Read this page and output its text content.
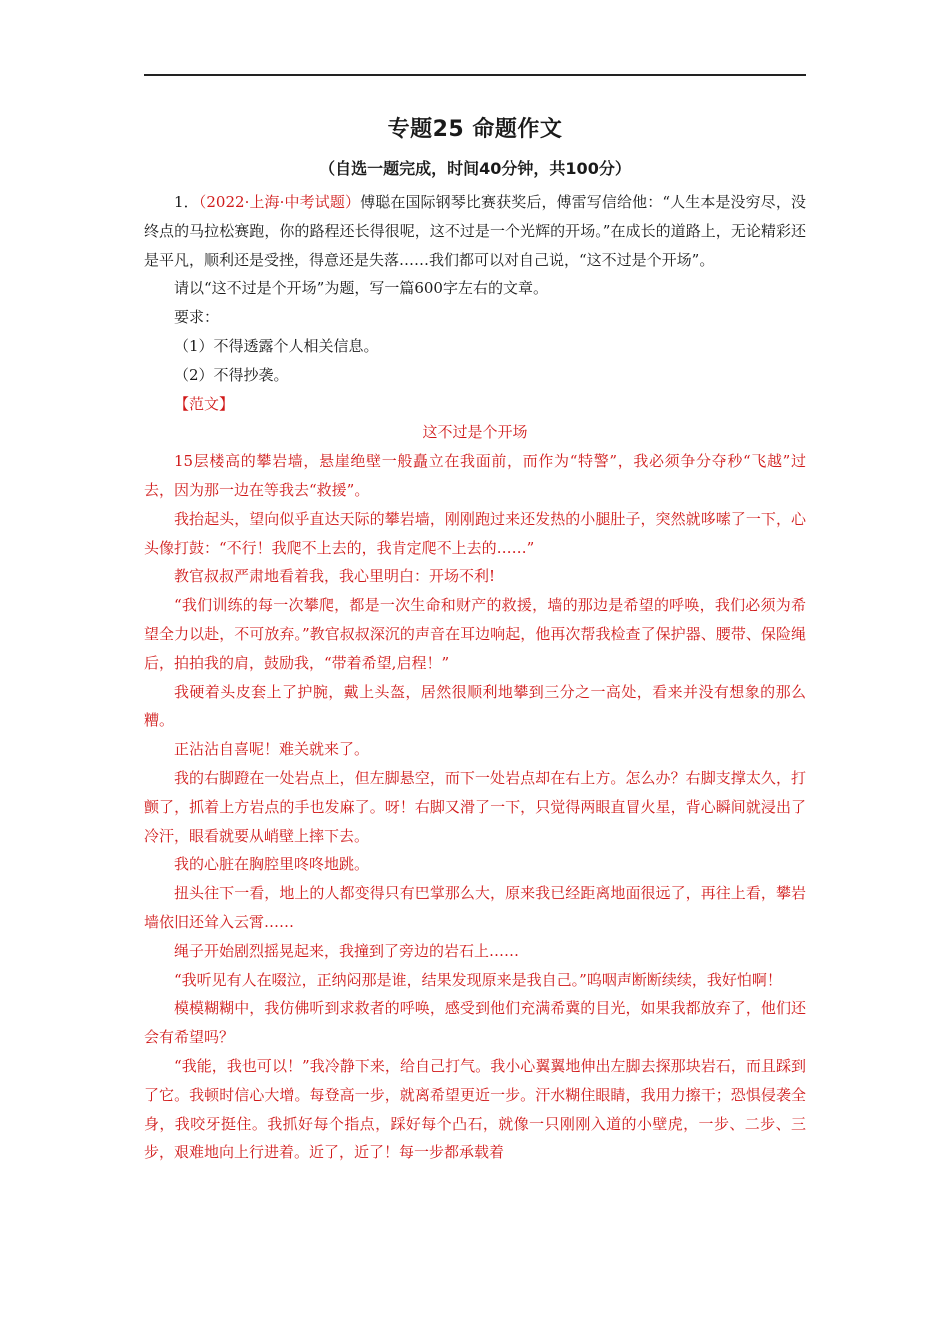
专题25 命题作文
（自选一题完成，时间40分钟，共100分）

1．（2022·上海·中考试题）傅聪在国际钢琴比赛获奖后，傅雷写信给他：“人生本是没穷尽，没终点的马拉松赛跑，你的路程还长得很呢，这不过是一个光辉的开场。”在成长的道路上，无论精彩还是平凡，顺利还是受挫，得意还是失落……我们都可以对自己说，“这不过是个开场”。

请以“这不过是个开场”为题，写一篇600字左右的文章。

要求：

（1）不得透露个人相关信息。

（2）不得抄袭。

【范文】

这不过是个开场

15层楼高的攀岩墙，悬崖绝壁一般矗立在我面前，而作为“特警”，我必须争分夺秒“飞越”过去，因为那一边在等我去“救援”。

我抬起头，望向似乎直达天际的攀岩墙，刚刚跑过来还发热的小腿肚子，突然就哆嗦了一下，心头像打鼓：“不行！我爬不上去的，我肯定爬不上去的……”

教官叔叔严肃地看着我，我心里明白：开场不利!

“我们训练的每一次攀爬，都是一次生命和财产的救援，墙的那边是希望的呼唤，我们必须为希望全力以赴，不可放弃。”教官叔叔深沉的声音在耳边响起，他再次帮我检查了保护器、腰带、保险绳后，拍拍我的肩，鼓励我，“带着希望,启程！”

我硬着头皮套上了护腕，戴上头盔，居然很顺利地攀到三分之一高处，看来并没有想象的那么糟。

正沾沾自喜呢！难关就来了。

我的右脚蹬在一处岩点上，但左脚悬空，而下一处岩点却在右上方。怎么办？右脚支撑太久，打颤了，抓着上方岩点的手也发麻了。呀！右脚又滑了一下，只觉得两眼直冒火星，背心瞬间就浸出了冷汗，眼看就要从峭壁上摔下去。

我的心脏在胸腔里咚咚地跳。

扭头往下一看，地上的人都变得只有巴掌那么大，原来我已经距离地面很远了，再往上看，攀岩墙依旧还耸入云霄……

绳子开始剧烈摇晃起来，我撞到了旁边的岩石上……

“我听见有人在啜泣，正纳闷那是谁，结果发现原来是我自己。”呜咽声断断续续，我好怕啊！

模模糊糊中，我仿佛听到求救者的呼唤，感受到他们充满希冀的目光，如果我都放弃了，他们还会有希望吗？

“我能，我也可以！”我冷静下来，给自己打气。我小心翼翼地伸出左脚去探那块岩石，而且踩到了它。我顿时信心大增。每登高一步，就离希望更近一步。汗水糊住眼睛，我用力擦干；恐惧侵袭全身，我咬牙挺住。我抓好每个指点，踩好每个凸石，就像一只刚刚入道的小壁虎，一步、二步、三步，艰难地向上行进着。近了，近了！每一步都承载着
